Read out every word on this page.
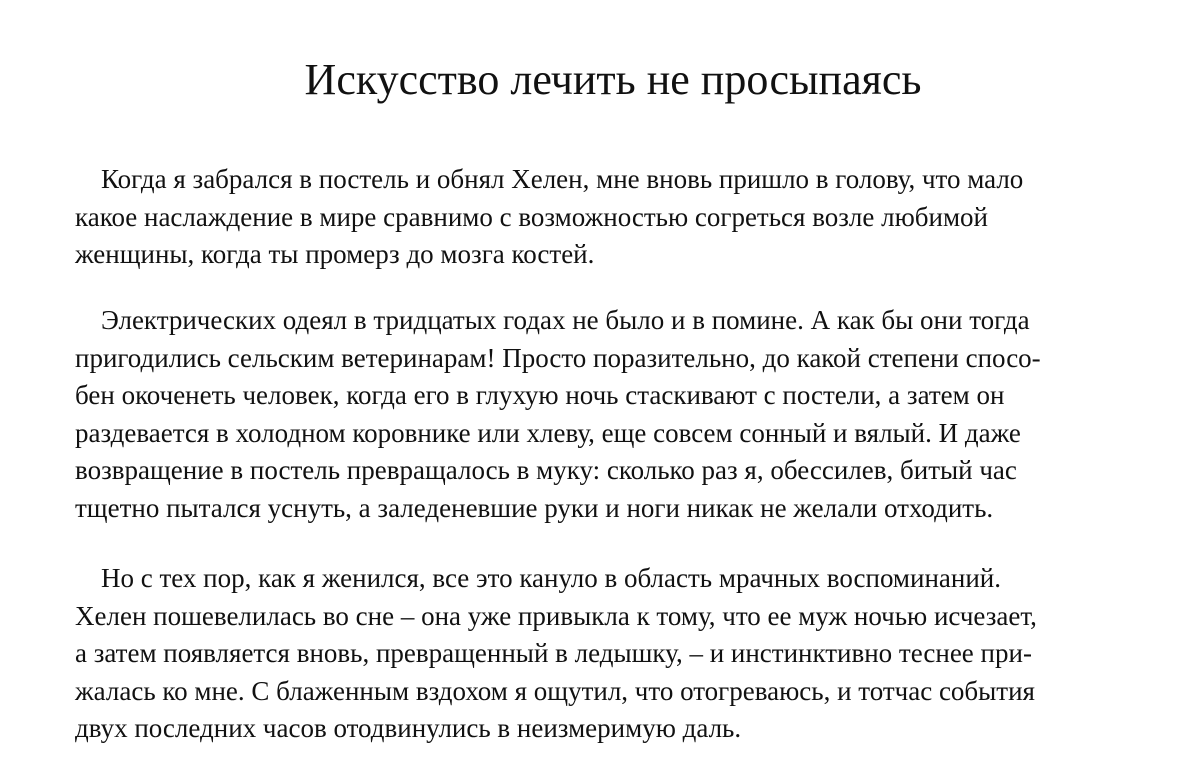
Искусство лечить не просыпаясь
Когда я забрался в постель и обнял Хелен, мне вновь пришло в голову, что мало
какое наслаждение в мире сравнимо с возможностью согреться возле любимой
женщины, когда ты промерз до мозга костей.
Электрических одеял в тридцатых годах не было и в помине. А как бы они тогда
пригодились сельским ветеринарам! Просто поразительно, до какой степени спосо-
бен окоченеть человек, когда его в глухую ночь стаскивают с постели, а затем он
раздевается в холодном коровнике или хлеву, еще совсем сонный и вялый. И даже
возвращение в постель превращалось в муку: сколько раз я, обессилев, битый час
тщетно пытался уснуть, а заледеневшие руки и ноги никак не желали отходить.
Но с тех пор, как я женился, все это кануло в область мрачных воспоминаний.
Хелен пошевелилась во сне – она уже привыкла к тому, что ее муж ночью исчезает,
а затем появляется вновь, превращенный в ледышку, – и инстинктивно теснее при-
жалась ко мне. С блаженным вздохом я ощутил, что отогреваюсь, и тотчас события
двух последних часов отодвинулись в неизмеримую даль.
